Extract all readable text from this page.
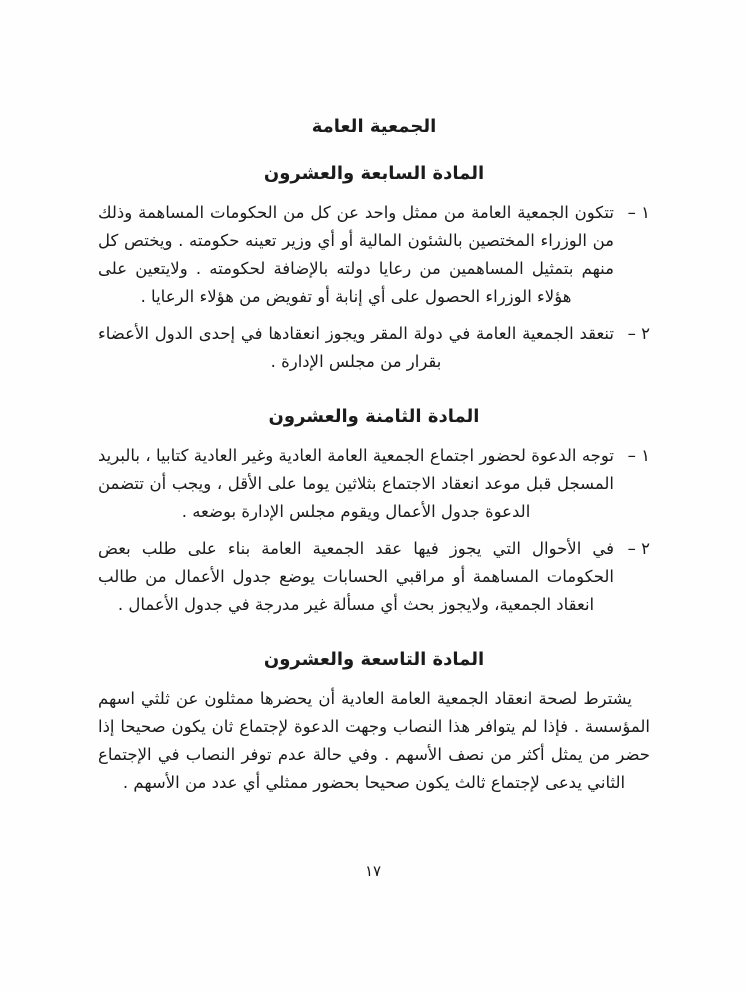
الجمعية العامة
المادة السابعة والعشرون
١ –

تتكون الجمعية العامة من ممثل واحد عن كل من الحكومات المساهمة وذلك من الوزراء المختصين بالشئون المالية أو أي وزير تعينه حكومته . ويختص كل منهم بتمثيل المساهمين من رعايا دولته بالإضافة لحكومته . ولايتعين على هؤلاء الوزراء الحصول على أي إنابة أو تفويض من هؤلاء الرعايا .

٢ –

تنعقد الجمعية العامة في دولة المقر ويجوز انعقادها في إحدى الدول الأعضاء بقرار من مجلس الإدارة .

المادة الثامنة والعشرون
١ –

توجه الدعوة لحضور اجتماع الجمعية العامة العادية وغير العادية كتابيا ، بالبريد المسجل قبل موعد انعقاد الاجتماع بثلاثين يوما على الأقل ، ويجب أن تتضمن الدعوة جدول الأعمال ويقوم مجلس الإدارة بوضعه .

٢ –

في الأحوال التي يجوز فيها عقد الجمعية العامة بناء على طلب بعض الحكومات المساهمة أو مراقبي الحسابات يوضع جدول الأعمال من طالب انعقاد الجمعية، ولايجوز بحث أي مسألة غير مدرجة في جدول الأعمال .

المادة التاسعة والعشرون

يشترط لصحة انعقاد الجمعية العامة العادية أن يحضرها ممثلون عن ثلثي اسهم المؤسسة . فإذا لم يتوافر هذا النصاب وجهت الدعوة لإجتماع ثان يكون صحيحا إذا حضر من يمثل أكثر من نصف الأسهم . وفي حالة عدم توفر النصاب في الإجتماع الثاني يدعى لإجتماع ثالث يكون صحيحا بحضور ممثلي أي عدد من الأسهم .

١٧
